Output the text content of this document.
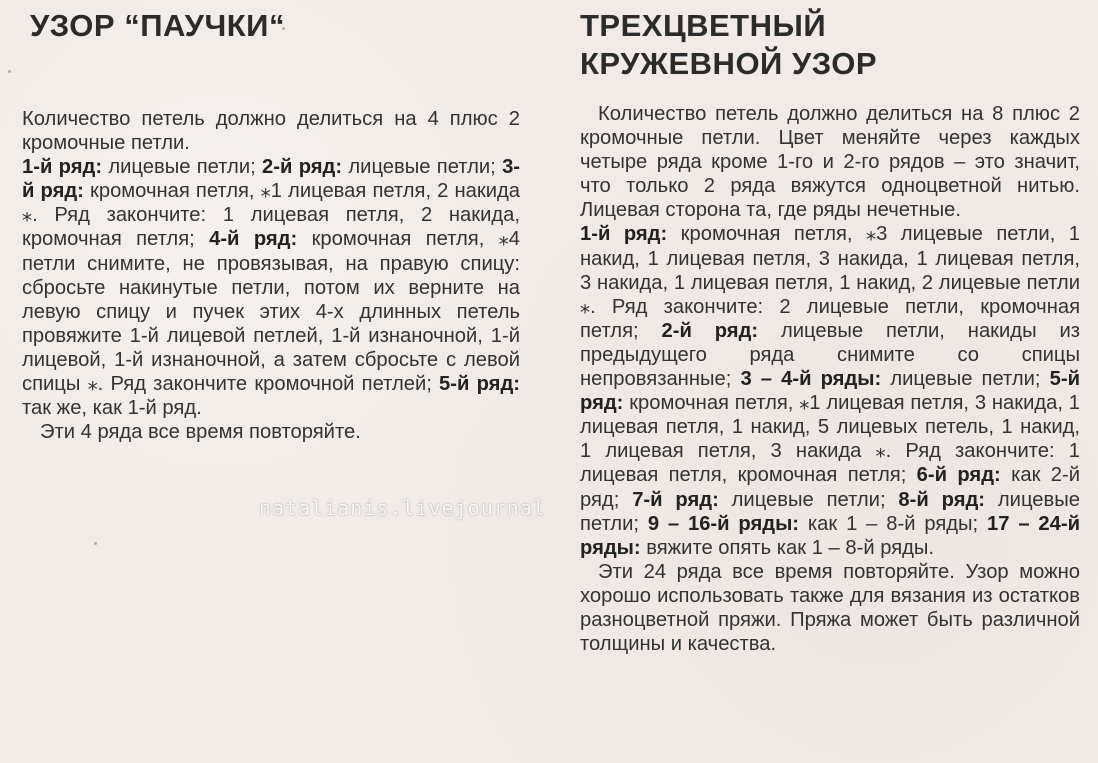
УЗОР “ПАУЧКИ“

Количество петель должно делиться на 4 плюс 2 кромочные петли.

1-й ряд: лицевые петли; 2-й ряд: лицевые петли; 3-й ряд: кромочная петля, ⁎1 лицевая петля, 2 накида ⁎. Ряд закончите: 1 лицевая петля, 2 накида, кромочная петля; 4-й ряд: кромочная петля, ⁎4 петли снимите, не провязывая, на правую спицу: сбросьте накинутые петли, потом их верните на левую спицу и пучек этих 4-х длинных петель провяжите 1-й лицевой петлей, 1-й изнаночной, 1-й лицевой, 1-й изнаночной, а затем сбросьте с левой спицы ⁎. Ряд закончите кромочной петлей; 5-й ряд: так же, как 1-й ряд.

Эти 4 ряда все время повторяйте.

ТРЕХЦВЕТНЫЙ
КРУЖЕВНОЙ УЗОР

Количество петель должно делиться на 8 плюс 2 кромочные петли. Цвет меняйте через каждых четыре ряда кроме 1-го и 2-го рядов – это значит, что только 2 ряда вяжутся одноцветной нитью. Лицевая сторона та, где ряды нечетные.

1-й ряд: кромочная петля, ⁎3 лицевые петли, 1 накид, 1 лицевая петля, 3 накида, 1 лицевая петля, 3 накида, 1 лицевая петля, 1 накид, 2 лицевые петли ⁎. Ряд закончите: 2 лицевые петли, кромочная петля; 2-й ряд: лицевые петли, накиды из предыдущего ряда снимите со спицы непровязанные; 3 – 4-й ряды: лицевые петли; 5-й ряд: кромочная петля, ⁎1 лицевая петля, 3 накида, 1 лицевая петля, 1 накид, 5 лицевых петель, 1 накид, 1 лицевая петля, 3 накида ⁎. Ряд закончите: 1 лицевая петля, кромочная петля; 6-й ряд: как 2-й ряд; 7-й ряд: лицевые петли; 8-й ряд: лицевые петли; 9 – 16-й ряды: как 1 – 8-й ряды; 17 – 24-й ряды: вяжите опять как 1 – 8-й ряды.

Эти 24 ряда все время повторяйте. Узор можно хорошо использовать также для вязания из остатков разноцветной пряжи. Пряжа может быть различной толщины и качества.

natalianis.livejournal
